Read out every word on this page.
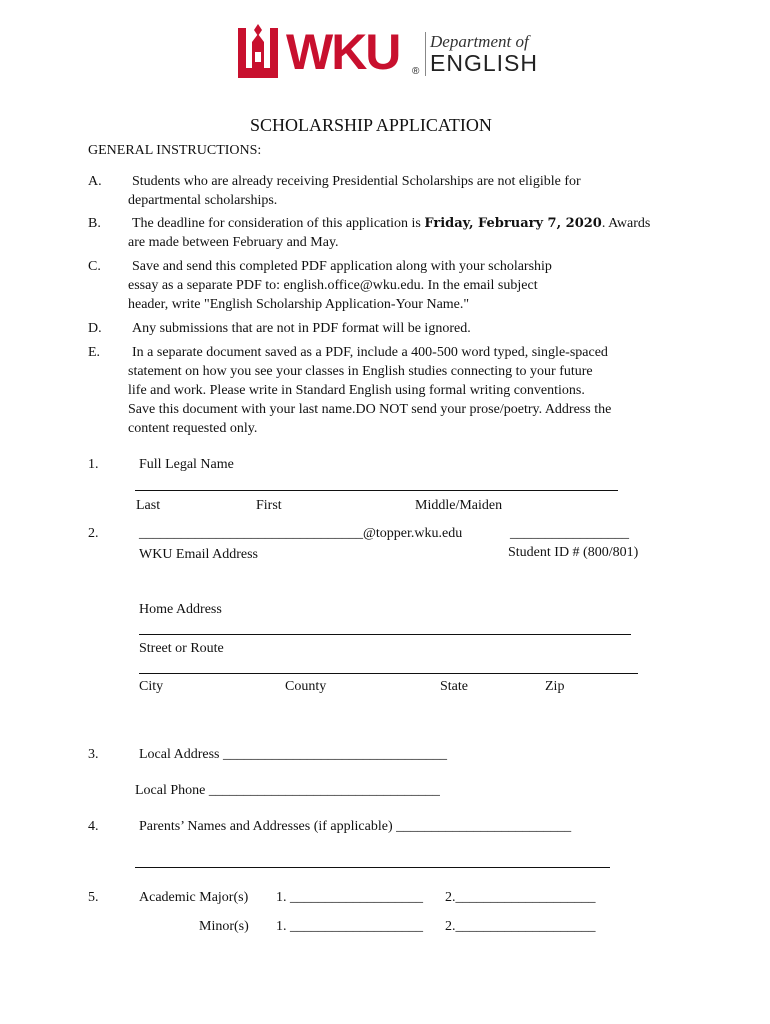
WKU ®
Department of
ENGLISH
SCHOLARSHIP APPLICATION
GENERAL INSTRUCTIONS:
A. Students who are already receiving Presidential Scholarships are not eligible for
departmental scholarships.
B. The deadline for consideration of this application is Friday, February 7, 2020. Awards
are made between February and May.
C. Save and send this completed PDF application along with your scholarship
essay as a separate PDF to: english.office@wku.edu. In the email subject
header, write "English Scholarship Application-Your Name."
D. Any submissions that are not in PDF format will be ignored.
E. In a separate document saved as a PDF, include a 400-500 word typed, single-spaced
statement on how you see your classes in English studies connecting to your future
life and work. Please write in Standard English using formal writing conventions.
Save this document with your last name.DO NOT send your prose/poetry. Address the
content requested only.
1.	Full Legal Name
Last	First	Middle/Maiden
2.	________________________________@topper.wku.edu	_________________
WKU Email Address	Student ID # (800/801)
Home Address
Street or Route
City	County	State	Zip
3.	Local Address ________________________________
Local Phone _________________________________
4.	Parents’ Names and Addresses (if applicable) _________________________
5.	Academic Major(s) 1. ___________________ 2.____________________
Minor(s) 1. ___________________ 2.____________________
